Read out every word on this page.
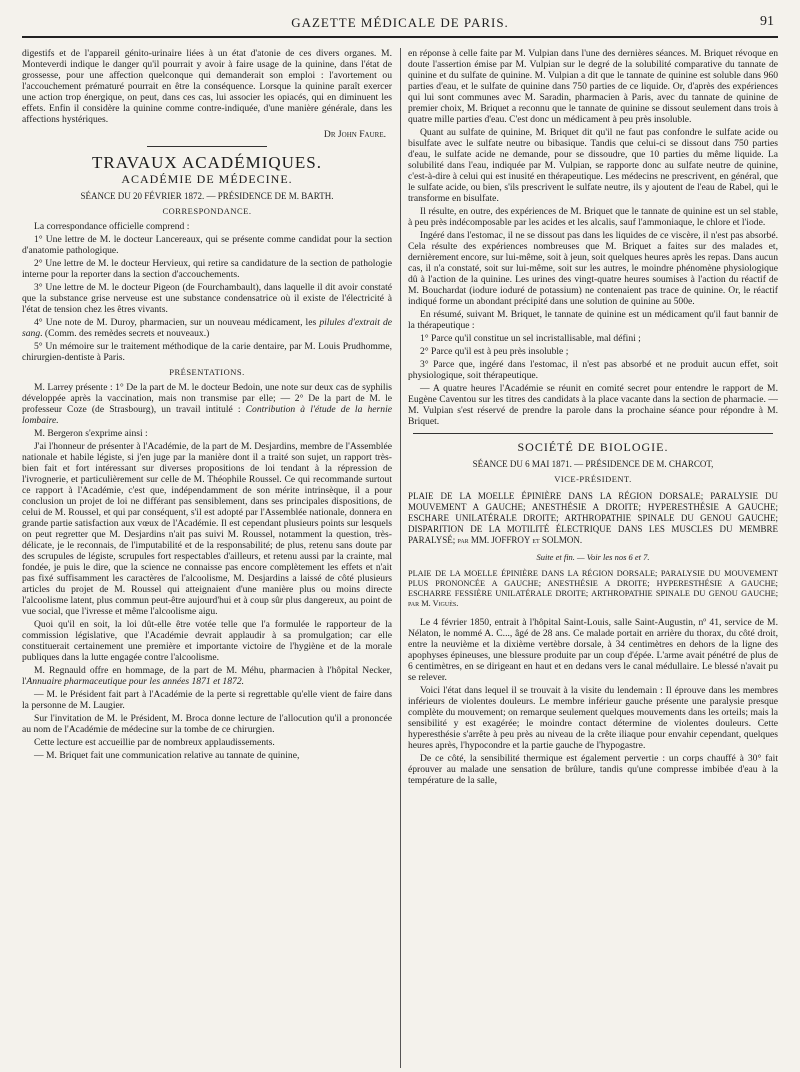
GAZETTE MÉDICALE DE PARIS.	91

digestifs et de l'appareil génito-urinaire liées à un état d'atonie de ces divers organes. M. Monteverdi indique le danger qu'il pourrait y avoir à faire usage de la quinine, dans l'état de grossesse, pour une affection quelconque qui demanderait son emploi : l'avortement ou l'accouchement prématuré pourrait en être la conséquence. Lorsque la quinine paraît exercer une action trop énergique, on peut, dans ces cas, lui associer les opiacés, qui en diminuent les effets. Enfin il considère la quinine comme contre-indiquée, d'une manière générale, dans les affections hystériques.

Dr John Faure.
TRAVAUX ACADÉMIQUES.
ACADÉMIE DE MÉDECINE.
SÉANCE DU 20 FÉVRIER 1872. — PRÉSIDENCE DE M. BARTH.
CORRESPONDANCE.

La correspondance officielle comprend :

1° Une lettre de M. le docteur Lancereaux, qui se présente comme candidat pour la section d'anatomie pathologique.

2° Une lettre de M. le docteur Hervieux, qui retire sa candidature de la section de pathologie interne pour la reporter dans la section d'accouchements.

3° Une lettre de M. le docteur Pigeon (de Fourchambault), dans laquelle il dit avoir constaté que la substance grise nerveuse est une substance condensatrice où il existe de l'électricité à l'état de tension chez les êtres vivants.

4° Une note de M. Duroy, pharmacien, sur un nouveau médicament, les pilules d'extrait de sang. (Comm. des remèdes secrets et nouveaux.)

5° Un mémoire sur le traitement méthodique de la carie dentaire, par M. Louis Prudhomme, chirurgien-dentiste à Paris.

PRÉSENTATIONS.

M. Larrey présente : 1° De la part de M. le docteur Bedoin, une note sur deux cas de syphilis développée après la vaccination, mais non transmise par elle; — 2° De la part de M. le professeur Coze (de Strasbourg), un travail intitulé : Contribution à l'étude de la hernie lombaire.

M. Bergeron s'exprime ainsi :

J'ai l'honneur de présenter à l'Académie, de la part de M. Desjardins, membre de l'Assemblée nationale et habile légiste, si j'en juge par la manière dont il a traité son sujet, un rapport très-bien fait et fort intéressant sur diverses propositions de loi tendant à la répression de l'ivrognerie, et particulièrement sur celle de M. Théophile Roussel. Ce qui recommande surtout ce rapport à l'Académie, c'est que, indépendamment de son mérite intrinsèque, il a pour conclusion un projet de loi ne différant pas sensiblement, dans ses principales dispositions, de celui de M. Roussel, et qui par conséquent, s'il est adopté par l'Assemblée nationale, donnera en grande partie satisfaction aux vœux de l'Académie. Il est cependant plusieurs points sur lesquels on peut regretter que M. Desjardins n'ait pas suivi M. Roussel, notamment la question, très-délicate, je le reconnais, de l'imputabilité et de la responsabilité; de plus, retenu sans doute par des scrupules de légiste, scrupules fort respectables d'ailleurs, et retenu aussi par la crainte, mal fondée, je puis le dire, que la science ne connaisse pas encore complètement les effets et n'ait pas fixé suffisamment les caractères de l'alcoolisme, M. Desjardins a laissé de côté plusieurs articles du projet de M. Roussel qui atteignaient d'une manière plus ou moins directe l'alcoolisme latent, plus commun peut-être aujourd'hui et à coup sûr plus dangereux, au point de vue social, que l'ivresse et même l'alcoolisme aigu.

Quoi qu'il en soit, la loi dût-elle être votée telle que l'a formulée le rapporteur de la commission législative, que l'Académie devrait applaudir à sa promulgation; car elle constituerait certainement une première et importante victoire de l'hygiène et de la morale publiques dans la lutte engagée contre l'alcoolisme.

M. Regnauld offre en hommage, de la part de M. Méhu, pharmacien à l'hôpital Necker, l'Annuaire pharmaceutique pour les années 1871 et 1872.

— M. le Président fait part à l'Académie de la perte si regrettable qu'elle vient de faire dans la personne de M. Laugier.

Sur l'invitation de M. le Président, M. Broca donne lecture de l'allocution qu'il a prononcée au nom de l'Académie de médecine sur la tombe de ce chirurgien.

Cette lecture est accueillie par de nombreux applaudissements.

— M. Briquet fait une communication relative au tannate de quinine,

en réponse à celle faite par M. Vulpian dans l'une des dernières séances. M. Briquet révoque en doute l'assertion émise par M. Vulpian sur le degré de la solubilité comparative du tannate de quinine et du sulfate de quinine. M. Vulpian a dit que le tannate de quinine est soluble dans 960 parties d'eau, et le sulfate de quinine dans 750 parties de ce liquide. Or, d'après des expériences qui lui sont communes avec M. Saradin, pharmacien à Paris, avec du tannate de quinine de premier choix, M. Briquet a reconnu que le tannate de quinine se dissout seulement dans trois à quatre mille parties d'eau. C'est donc un médicament à peu près insoluble.

Quant au sulfate de quinine, M. Briquet dit qu'il ne faut pas confondre le sulfate acide ou bisulfate avec le sulfate neutre ou bibasique. Tandis que celui-ci se dissout dans 750 parties d'eau, le sulfate acide ne demande, pour se dissoudre, que 10 parties du même liquide. La solubilité dans l'eau, indiquée par M. Vulpian, se rapporte donc au sulfate neutre de quinine, c'est-à-dire à celui qui est inusité en thérapeutique. Les médecins ne prescrivent, en général, que le sulfate acide, ou bien, s'ils prescrivent le sulfate neutre, ils y ajoutent de l'eau de Rabel, qui le transforme en bisulfate.

Il résulte, en outre, des expériences de M. Briquet que le tannate de quinine est un sel stable, à peu près indécomposable par les acides et les alcalis, sauf l'ammoniaque, le chlore et l'iode.

Ingéré dans l'estomac, il ne se dissout pas dans les liquides de ce viscère, il n'est pas absorbé. Cela résulte des expériences nombreuses que M. Briquet a faites sur des malades et, dernièrement encore, sur lui-même, soit à jeun, soit quelques heures après les repas. Dans aucun cas, il n'a constaté, soit sur lui-même, soit sur les autres, le moindre phénomène physiologique dû à l'action de la quinine. Les urines des vingt-quatre heures soumises à l'action du réactif de M. Bouchardat (iodure ioduré de potassium) ne contenaient pas trace de quinine. Or, le réactif indiqué forme un abondant précipité dans une solution de quinine au 500e.

En résumé, suivant M. Briquet, le tannate de quinine est un médicament qu'il faut bannir de la thérapeutique :

1° Parce qu'il constitue un sel incristallisable, mal défini ;

2° Parce qu'il est à peu près insoluble ;

3° Parce que, ingéré dans l'estomac, il n'est pas absorbé et ne produit aucun effet, soit physiologique, soit thérapeutique.

— A quatre heures l'Académie se réunit en comité secret pour entendre le rapport de M. Eugène Caventou sur les titres des candidats à la place vacante dans la section de pharmacie. — M. Vulpian s'est réservé de prendre la parole dans la prochaine séance pour répondre à M. Briquet.

SOCIÉTÉ DE BIOLOGIE.
SÉANCE DU 6 MAI 1871. — PRÉSIDENCE DE M. CHARCOT,
VICE-PRÉSIDENT.

PLAIE DE LA MOELLE ÉPINIÈRE DANS LA RÉGION DORSALE; PARALYSIE DU MOUVEMENT A GAUCHE; ANESTHÉSIE A DROITE; HYPERESTHÉSIE A GAUCHE; ESCHARE UNILATÉRALE DROITE; ARTHROPATHIE SPINALE DU GENOU GAUCHE; DISPARITION DE LA MOTILITÉ ÉLECTRIQUE DANS LES MUSCLES DU MEMBRE PARALYSÉ; par MM. JOFFROY et SOLMON.

Suite et fin. — Voir les nos 6 et 7.

PLAIE DE LA MOELLE ÉPINIÈRE DANS LA RÉGION DORSALE; PARALYSIE DU MOUVEMENT PLUS PRONONCÉE A GAUCHE; ANESTHÉSIE A DROITE; HYPERESTHÉSIE A GAUCHE; ESCHARRE FESSIÈRE UNILATÉRALE DROITE; ARTHROPATHIE SPINALE DU GENOU GAUCHE; par M. Viguès.

Le 4 février 1850, entrait à l'hôpital Saint-Louis, salle Saint-Augustin, nº 41, service de M. Nélaton, le nommé A. C..., âgé de 28 ans. Ce malade portait en arrière du thorax, du côté droit, entre la neuvième et la dixième vertèbre dorsale, à 34 centimètres en dehors de la ligne des apophyses épineuses, une blessure produite par un coup d'épée. L'arme avait pénétré de plus de 6 centimètres, en se dirigeant en haut et en dedans vers le canal médullaire. Le blessé n'avait pu se relever.

Voici l'état dans lequel il se trouvait à la visite du lendemain : Il éprouve dans les membres inférieurs de violentes douleurs. Le membre inférieur gauche présente une paralysie presque complète du mouvement; on remarque seulement quelques mouvements dans les orteils; mais la sensibilité y est exagérée; le moindre contact détermine de violentes douleurs. Cette hyperesthésie s'arrête à peu près au niveau de la crête iliaque pour envahir cependant, quelques heures après, l'hypocondre et la partie gauche de l'hypogastre.

De ce côté, la sensibilité thermique est également pervertie : un corps chauffé à 30° fait éprouver au malade une sensation de brûlure, tandis qu'une compresse imbibée d'eau à la température de la salle,
